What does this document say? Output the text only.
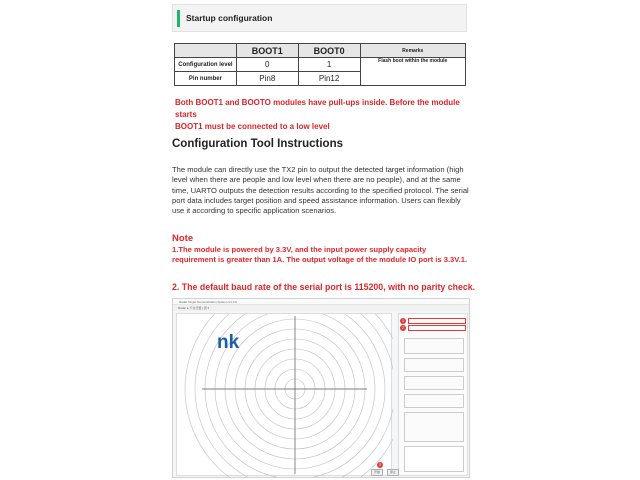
Startup configuration
	BOOT1	BOOT0	Remarks
Configuration level	0	1	Flash boot within the module
Pin number	Pin8	Pin12	
Both BOOT1 and BOOTO modules have pull-ups inside. Before the module starts
BOOT1 must be connected to a low level
Configuration Tool Instructions
The module can directly use the TX2 pin to output the detected target information (high level when there are people and low level when there are no people), and at the same time, UARTO outputs the detection results according to the specified protocol. The serial port data includes target position and speed assistance information. Users can flexibly use it according to specific application scenarios.
Note
1.The module is powered by 3.3V, and the input power supply capacity requirement is greater than 1A. The output voltage of the module IO port is 3.3V.1.
2. The default baud rate of the serial port is 115200, with no parity check.
Radar Target Demonstration System V1.0.0
Radar ▸ 平台设置 | 测 ▾
nk
3
1
2
开始	停止
